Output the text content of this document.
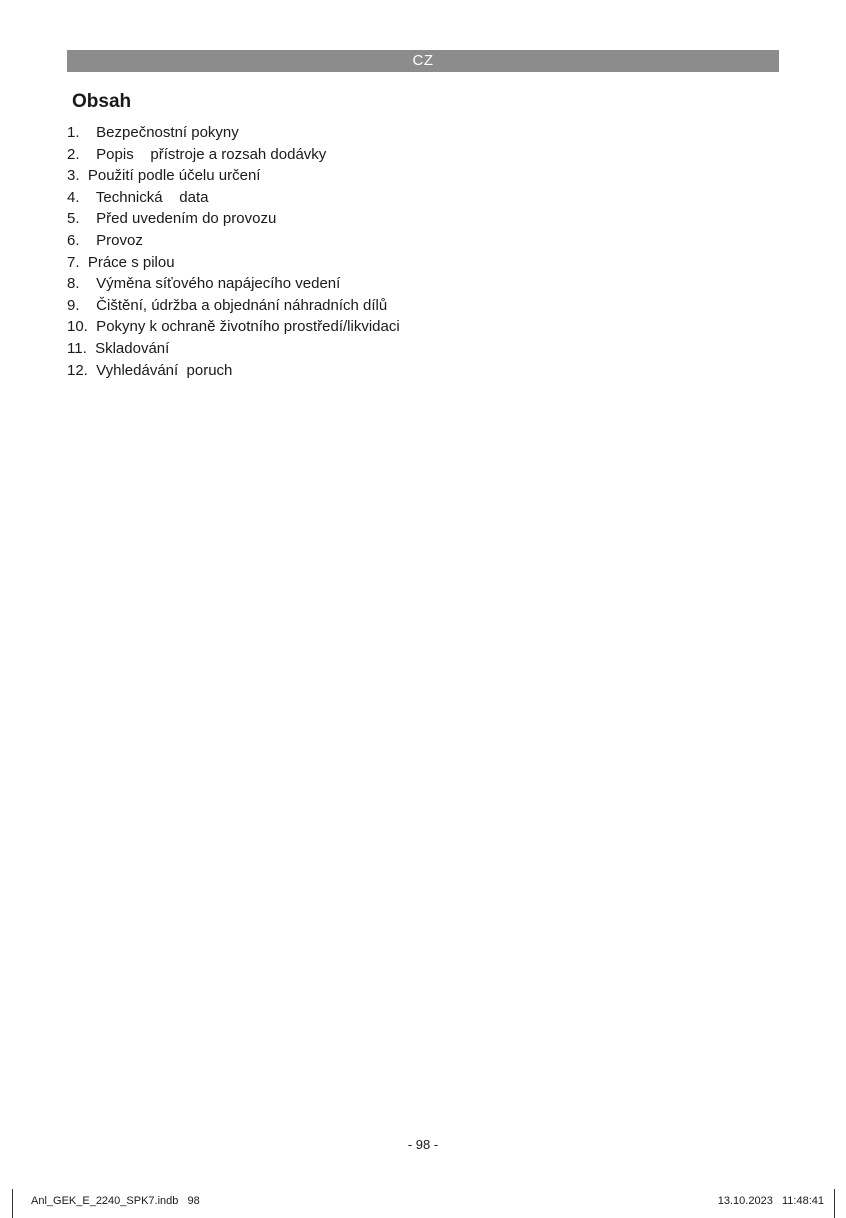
CZ
Obsah
1.    Bezpečnostní pokyny
2.    Popis    přístroje a rozsah dodávky
3.  Použití podle účelu určení
4.    Technická    data
5.    Před uvedením do provozu
6.    Provoz
7.  Práce s pilou
8.    Výměna síťového napájecího vedení
9.    Čištění, údržba a objednání náhradních dílů
10.  Pokyny k ochraně životního prostředí/likvidaci
11.  Skladování
12.  Vyhledávání  poruch
- 98 -
Anl_GEK_E_2240_SPK7.indb   98	13.10.2023   11:48:41
